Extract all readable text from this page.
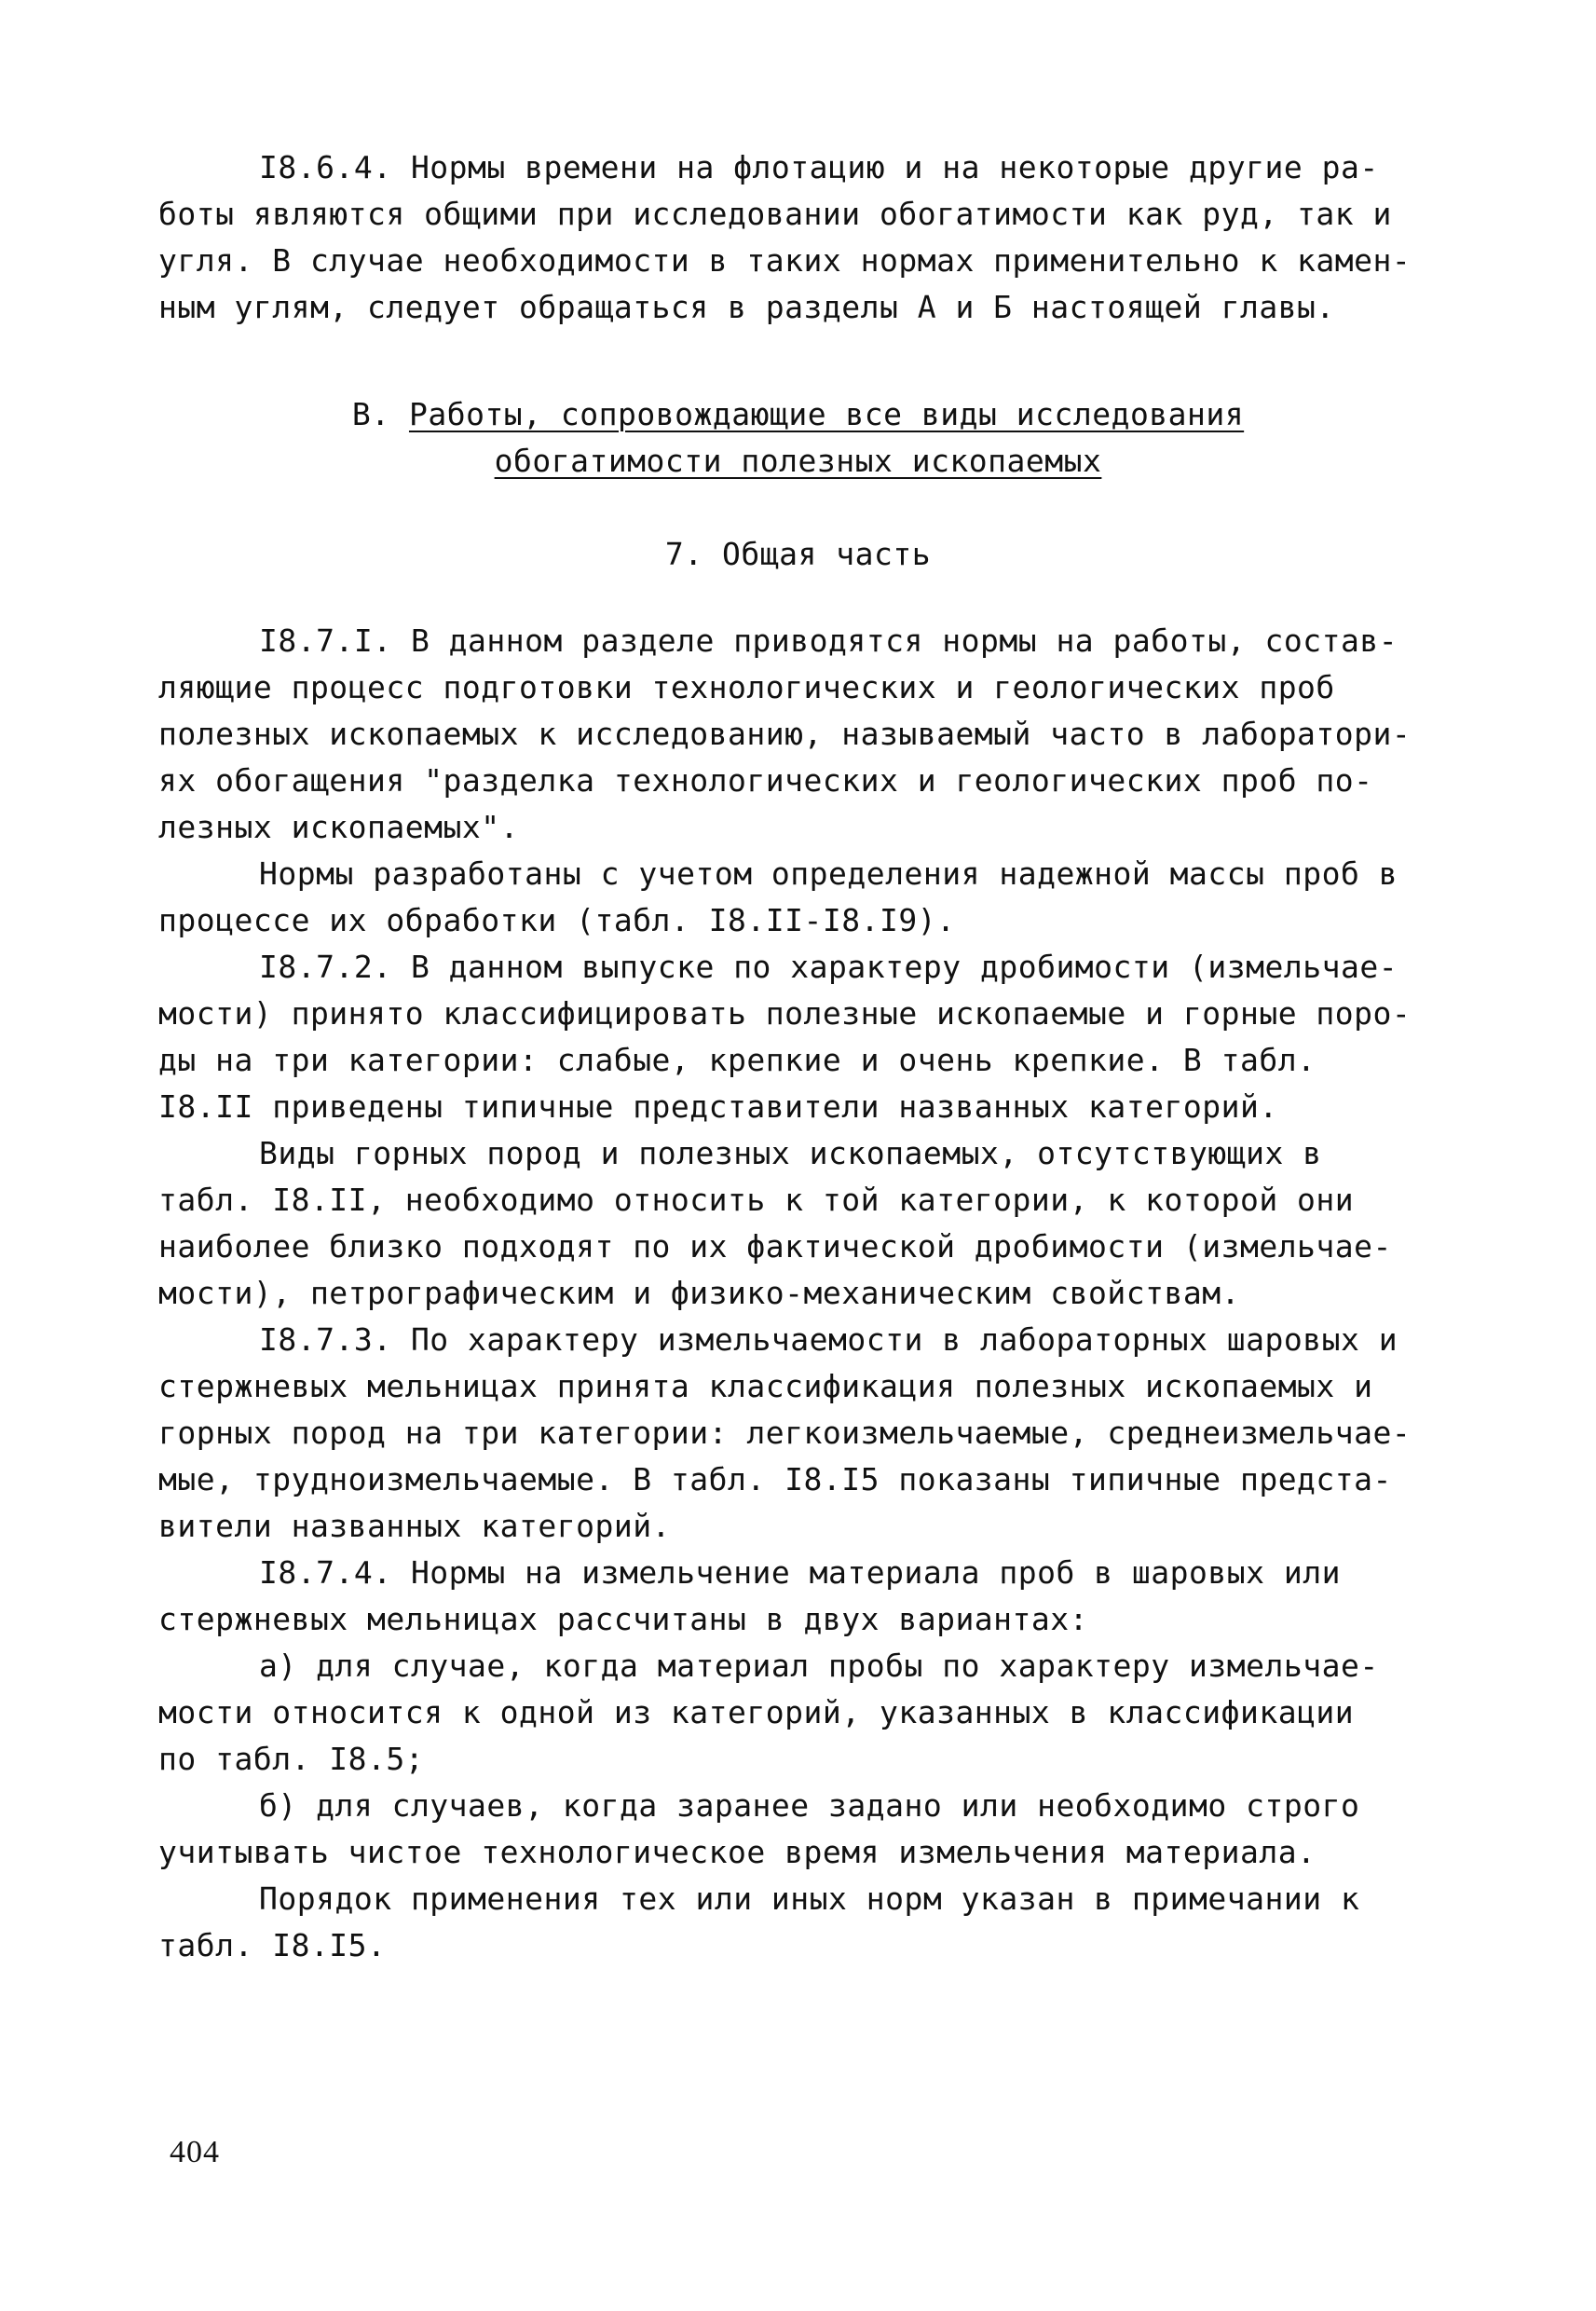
I8.6.4. Нормы времени на флотацию и на некоторые другие ра-
боты являются общими при исследовании обогатимости как руд, так и
угля. В случае необходимости в таких нормах применительно к камен-
ным углям, следует обращаться в разделы А и Б настоящей главы.
В. Работы, сопровождающие все виды исследования
обогатимости полезных ископаемых
7. Общая часть
I8.7.I. В данном разделе приводятся нормы на работы, состав-
ляющие процесс подготовки технологических и геологических проб
полезных ископаемых к исследованию, называемый часто в лаборатори-
ях обогащения "разделка технологических и геологических проб по-
лезных ископаемых".
Нормы разработаны с учетом определения надежной массы проб в
процессе их обработки (табл. I8.II-I8.I9).
I8.7.2. В данном выпуске по характеру дробимости (измельчае-
мости) принято классифицировать полезные ископаемые и горные поро-
ды на три категории: слабые, крепкие и очень крепкие. В табл.
I8.II приведены типичные представители названных категорий.
Виды горных пород и полезных ископаемых, отсутствующих в
табл. I8.II, необходимо относить к той категории, к которой они
наиболее близко подходят по их фактической дробимости (измельчае-
мости), петрографическим и физико-механическим свойствам.
I8.7.3. По характеру измельчаемости в лабораторных шаровых и
стержневых мельницах принята классификация полезных ископаемых и
горных пород на три категории: легкоизмельчаемые, среднеизмельчае-
мые, трудноизмельчаемые. В табл. I8.I5 показаны типичные предста-
вители названных категорий.
I8.7.4. Нормы на измельчение материала проб в шаровых или
стержневых мельницах рассчитаны в двух вариантах:
а) для случае, когда материал пробы по характеру измельчае-
мости относится к одной из категорий, указанных в классификации
по табл. I8.5;
б) для случаев, когда заранее задано или необходимо строго
учитывать чистое технологическое время измельчения материала.
Порядок применения тех или иных норм указан в примечании к
табл. I8.I5.
404
